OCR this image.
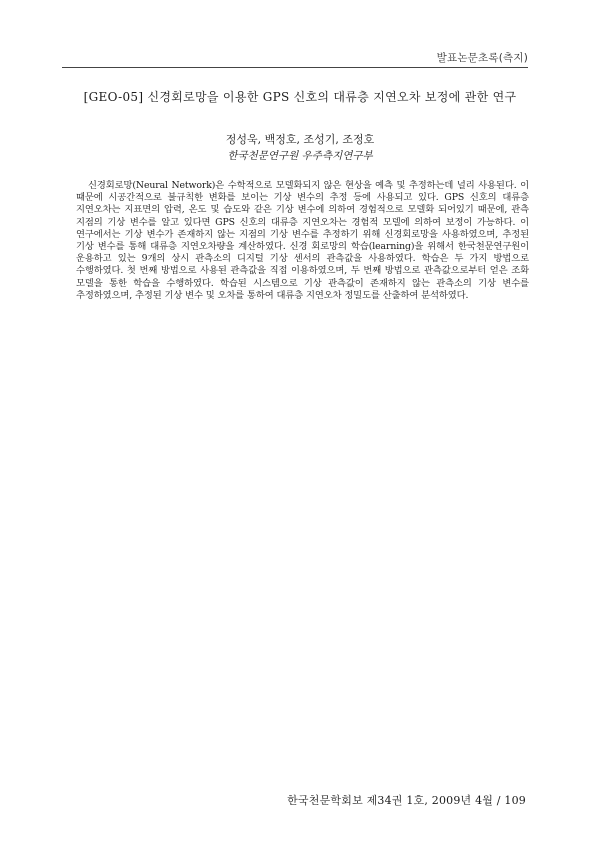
발표논문초록(측지)
[GEO-05] 신경회로망을 이용한 GPS 신호의 대류층 지연오차 보정에 관한 연구
정성욱, 백정호, 조성기, 조정호
한국천문연구원 우주측지연구부
신경회로망(Neural Network)은 수학적으로 모델화되지 않은 현상을 예측 및 추정하는데 널리 사용된다. 이 때문에 시공간적으로 불규칙한 변화를 보이는 기상 변수의 추정 등에 사용되고 있다. GPS 신호의 대류층 지연오차는 지표면의 압력, 온도 및 습도와 같은 기상 변수에 의하여 경험적으로 모델화 되어있기 때문에, 관측 지점의 기상 변수를 알고 있다면 GPS 신호의 대류층 지연오차는 경험적 모델에 의하여 보정이 가능하다. 이 연구에서는 기상 변수가 존재하지 않는 지점의 기상 변수를 추정하기 위해 신경회로망을 사용하였으며, 추정된 기상 변수를 통해 대류층 지연오차량을 계산하였다. 신경 회로망의 학습(learning)을 위해서 한국천문연구원이 운용하고 있는 9개의 상시 관측소의 디지털 기상 센서의 관측값을 사용하였다. 학습은 두 가지 방법으로 수행하였다. 첫 번째 방법으로 사용된 관측값을 직접 이용하였으며, 두 번째 방법으로 관측값으로부터 얻은 조화 모델을 통한 학습을 수행하였다. 학습된 시스템으로 기상 관측값이 존재하지 않는 관측소의 기상 변수를 추정하였으며, 추정된 기상 변수 및 오차를 통하여 대류층 지연오차 정밀도를 산출하여 분석하였다.
한국천문학회보 제34권 1호, 2009년 4월 / 109
